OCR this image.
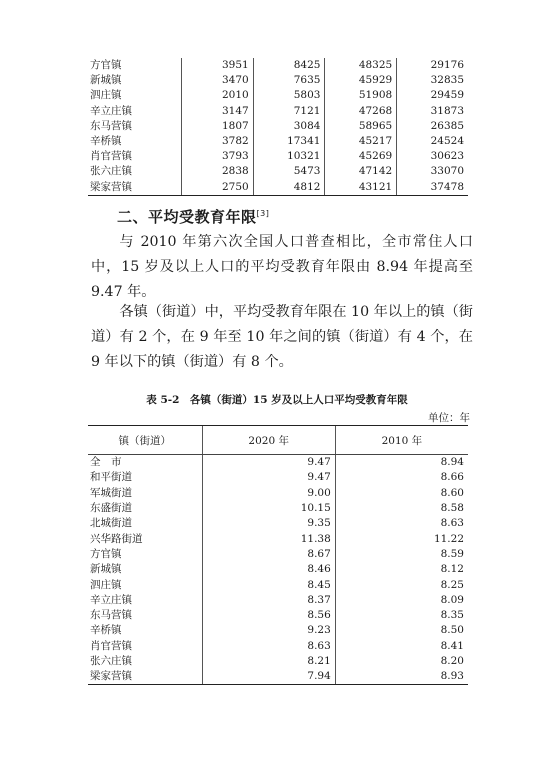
方官镇	3951	8425	48325	29176
新城镇	3470	7635	45929	32835
泗庄镇	2010	5803	51908	29459
辛立庄镇	3147	7121	47268	31873
东马营镇	1807	3084	58965	26385
辛桥镇	3782	17341	45217	24524
肖官营镇	3793	10321	45269	30623
张六庄镇	2838	5473	47142	33070
梁家营镇	2750	4812	43121	37478
二、平均受教育年限[3]
与 2010 年第六次全国人口普查相比，全市常住人口中，15 岁及以上人口的平均受教育年限由 8.94 年提高至 9.47 年。
各镇（街道）中，平均受教育年限在 10 年以上的镇（街道）有 2 个，在 9 年至 10 年之间的镇（街道）有 4 个，在 9 年以下的镇（街道）有 8 个。
表 5-2　各镇（街道）15 岁及以上人口平均受教育年限
单位：年
镇（街道）	2020 年	2010 年
全　市	9.47	8.94
和平街道	9.47	8.66
军城街道	9.00	8.60
东盛街道	10.15	8.58
北城街道	9.35	8.63
兴华路街道	11.38	11.22
方官镇	8.67	8.59
新城镇	8.46	8.12
泗庄镇	8.45	8.25
辛立庄镇	8.37	8.09
东马营镇	8.56	8.35
辛桥镇	9.23	8.50
肖官营镇	8.63	8.41
张六庄镇	8.21	8.20
梁家营镇	7.94	8.93
